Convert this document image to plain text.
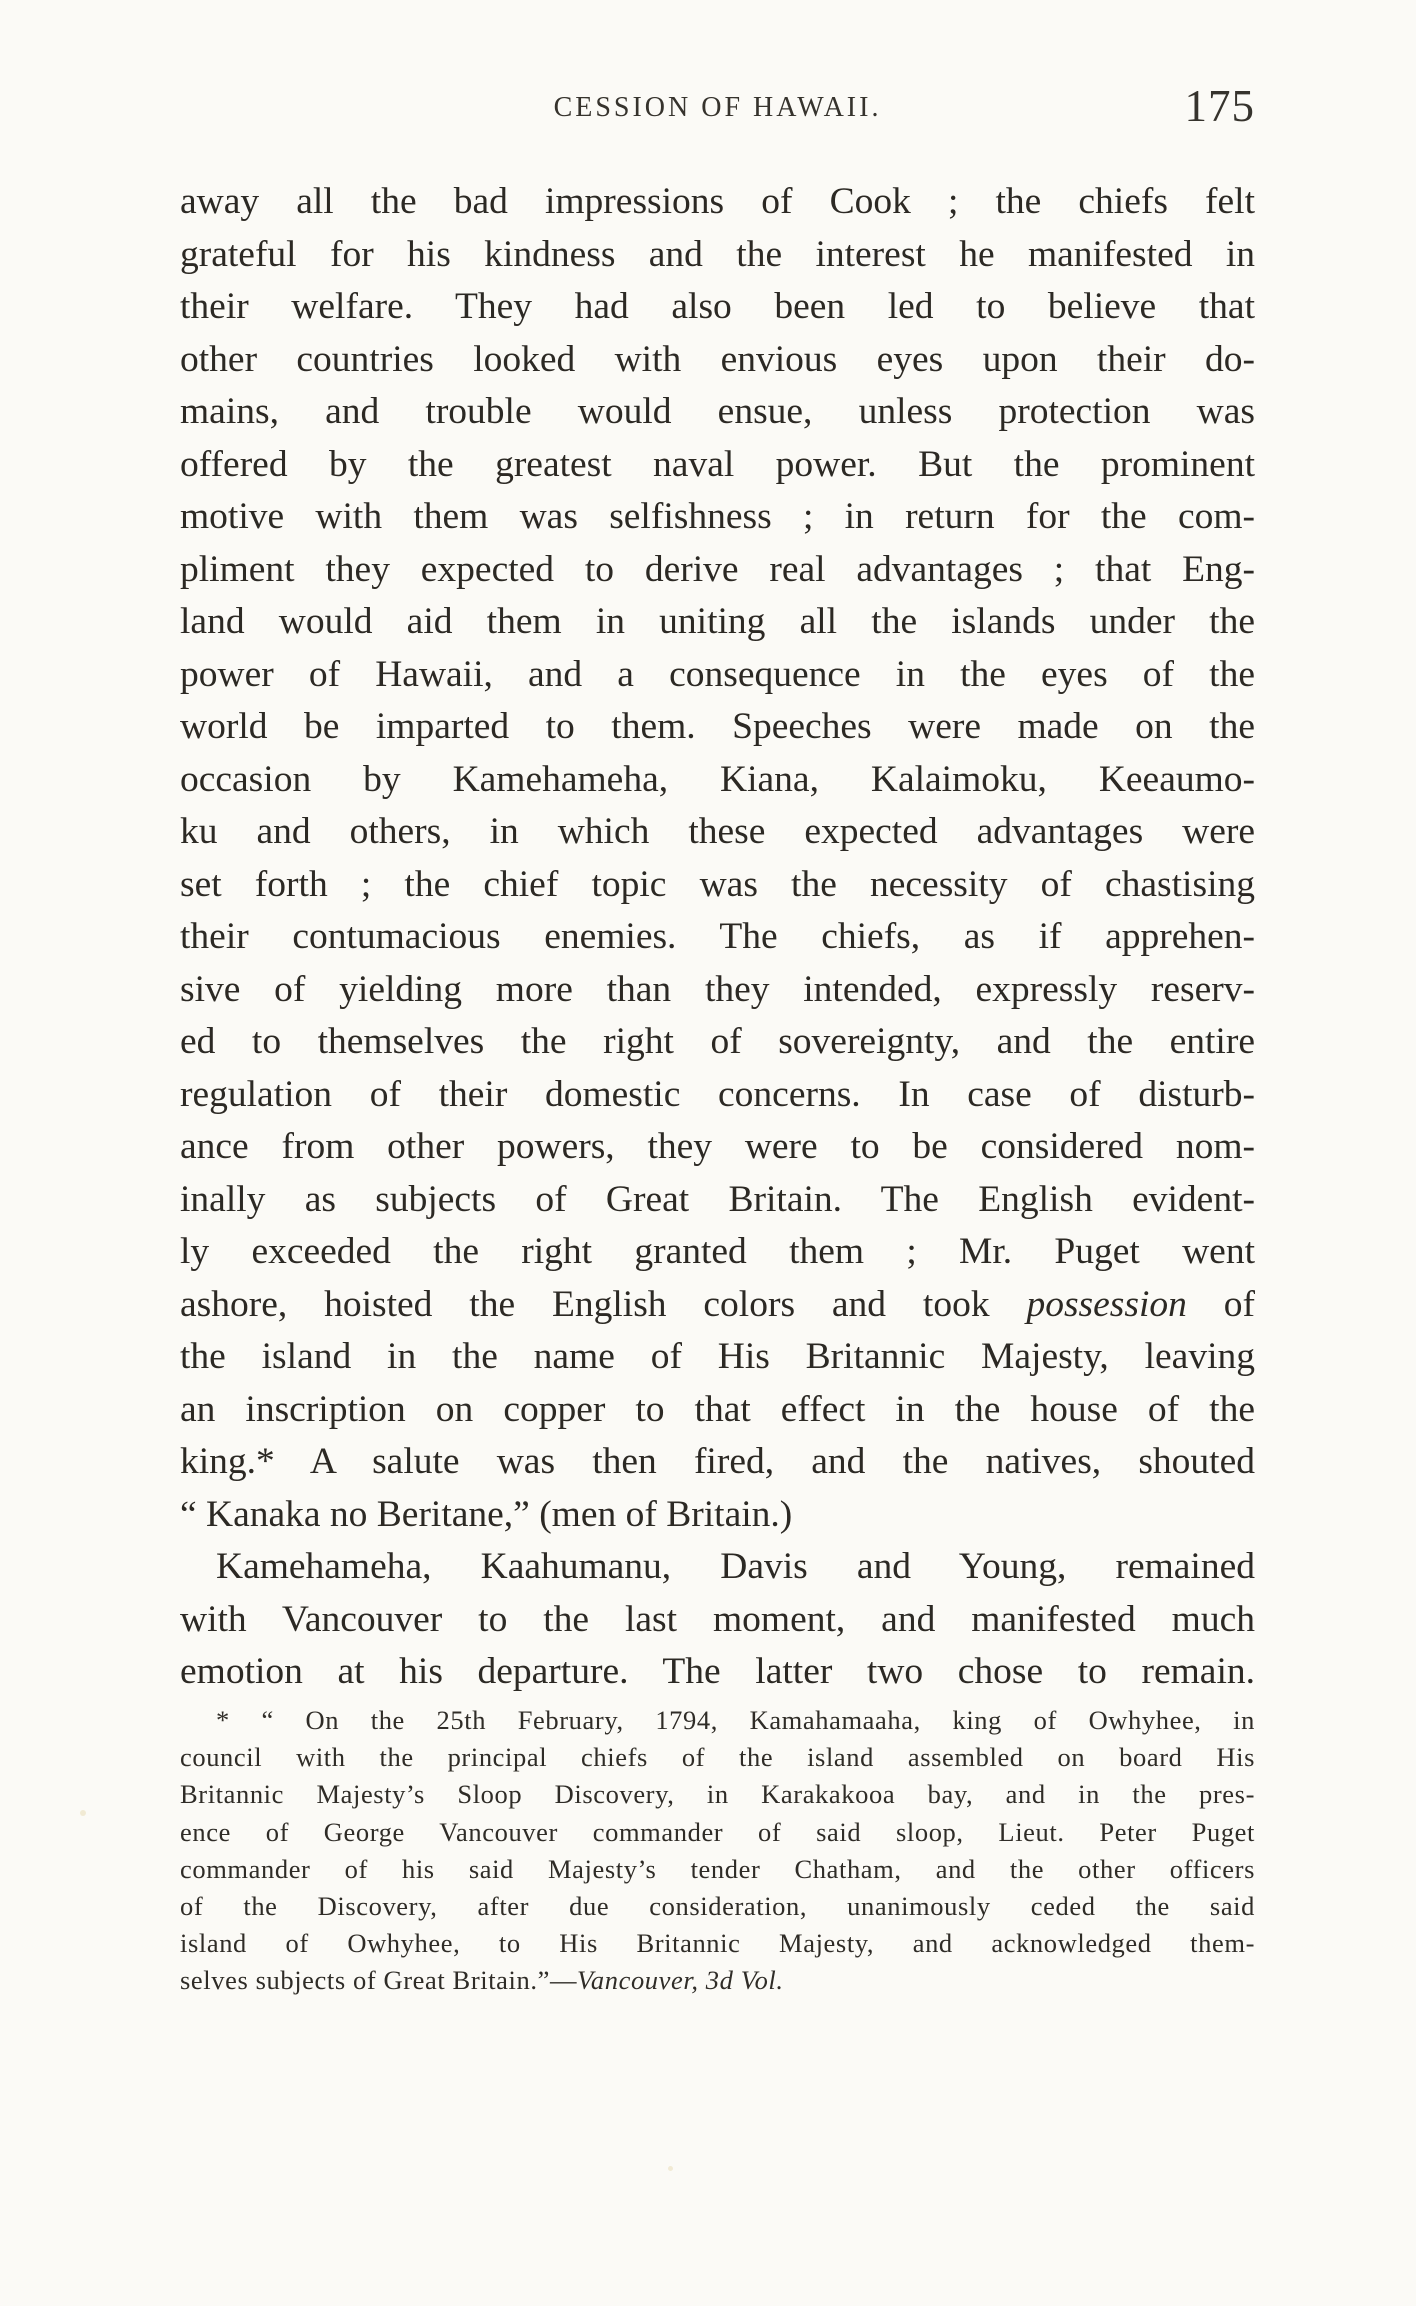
CESSION OF HAWAII.	175
away all the bad impressions of Cook ; the chiefs felt
grateful for his kindness and the interest he manifested in
their welfare. They had also been led to believe that
other countries looked with envious eyes upon their do-
mains, and trouble would ensue, unless protection was
offered by the greatest naval power. But the prominent
motive with them was selfishness ; in return for the com-
pliment they expected to derive real advantages ; that Eng-
land would aid them in uniting all the islands under the
power of Hawaii, and a consequence in the eyes of the
world be imparted to them. Speeches were made on the
occasion by Kamehameha, Kiana, Kalaimoku, Keeaumo-
ku and others, in which these expected advantages were
set forth ; the chief topic was the necessity of chastising
their contumacious enemies. The chiefs, as if apprehen-
sive of yielding more than they intended, expressly reserv-
ed to themselves the right of sovereignty, and the entire
regulation of their domestic concerns. In case of disturb-
ance from other powers, they were to be considered nom-
inally as subjects of Great Britain. The English evident-
ly exceeded the right granted them ; Mr. Puget went
ashore, hoisted the English colors and took possession of
the island in the name of His Britannic Majesty, leaving
an inscription on copper to that effect in the house of the
king.* A salute was then fired, and the natives, shouted
“ Kanaka no Beritane,” (men of Britain.)
Kamehameha, Kaahumanu, Davis and Young, remained
with Vancouver to the last moment, and manifested much
emotion at his departure. The latter two chose to remain.
* “ On the 25th February, 1794, Kamahamaaha, king of Owhyhee, in
council with the principal chiefs of the island assembled on board His
Britannic Majesty’s Sloop Discovery, in Karakakooa bay, and in the pres-
ence of George Vancouver commander of said sloop, Lieut. Peter Puget
commander of his said Majesty’s tender Chatham, and the other officers
of the Discovery, after due consideration, unanimously ceded the said
island of Owhyhee, to His Britannic Majesty, and acknowledged them-
selves subjects of Great Britain.”—Vancouver, 3d Vol.
